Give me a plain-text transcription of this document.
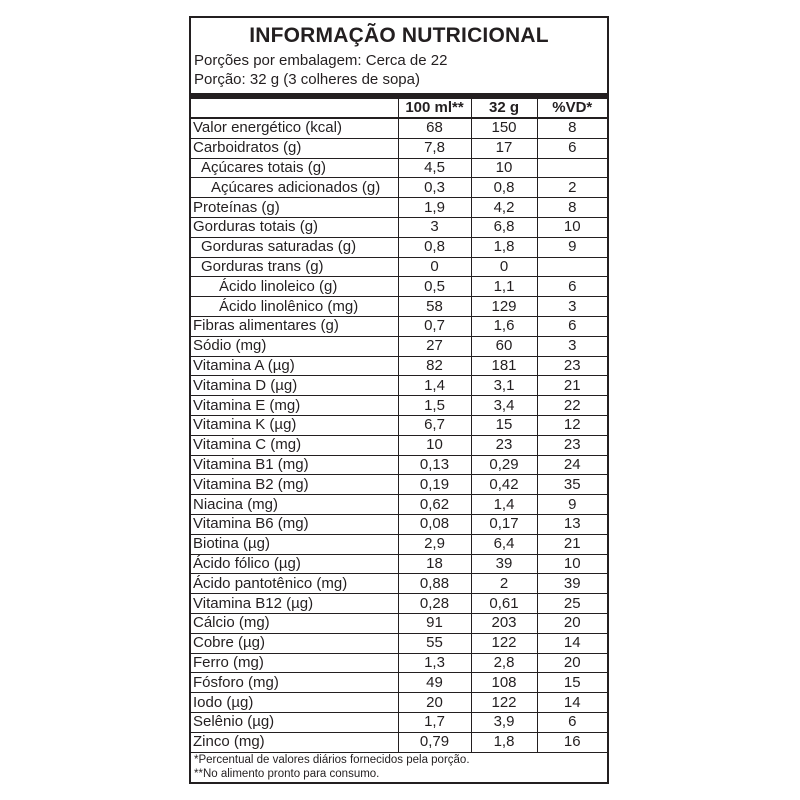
INFORMAÇÃO NUTRICIONAL
Porções por embalagem: Cerca de 22
Porção: 32 g (3 colheres de sopa)
	100 ml**	32 g	%VD*
Valor energético (kcal)	68	150	8
Carboidratos (g)	7,8	17	6
Açúcares totais (g)	4,5	10	
Açúcares adicionados (g)	0,3	0,8	2
Proteínas (g)	1,9	4,2	8
Gorduras totais (g)	3	6,8	10
Gorduras saturadas (g)	0,8	1,8	9
Gorduras trans (g)	0	0	
Ácido linoleico (g)	0,5	1,1	6
Ácido linolênico (mg)	58	129	3
Fibras alimentares (g)	0,7	1,6	6
Sódio (mg)	27	60	3
Vitamina A (µg)	82	181	23
Vitamina D (µg)	1,4	3,1	21
Vitamina E (mg)	1,5	3,4	22
Vitamina K (µg)	6,7	15	12
Vitamina C (mg)	10	23	23
Vitamina B1 (mg)	0,13	0,29	24
Vitamina B2 (mg)	0,19	0,42	35
Niacina (mg)	0,62	1,4	9
Vitamina B6 (mg)	0,08	0,17	13
Biotina (µg)	2,9	6,4	21
Ácido fólico (µg)	18	39	10
Ácido pantotênico (mg)	0,88	2	39
Vitamina B12 (µg)	0,28	0,61	25
Cálcio (mg)	91	203	20
Cobre (µg)	55	122	14
Ferro (mg)	1,3	2,8	20
Fósforo (mg)	49	108	15
Iodo (µg)	20	122	14
Selênio (µg)	1,7	3,9	6
Zinco (mg)	0,79	1,8	16
*Percentual de valores diários fornecidos pela porção.
**No alimento pronto para consumo.
